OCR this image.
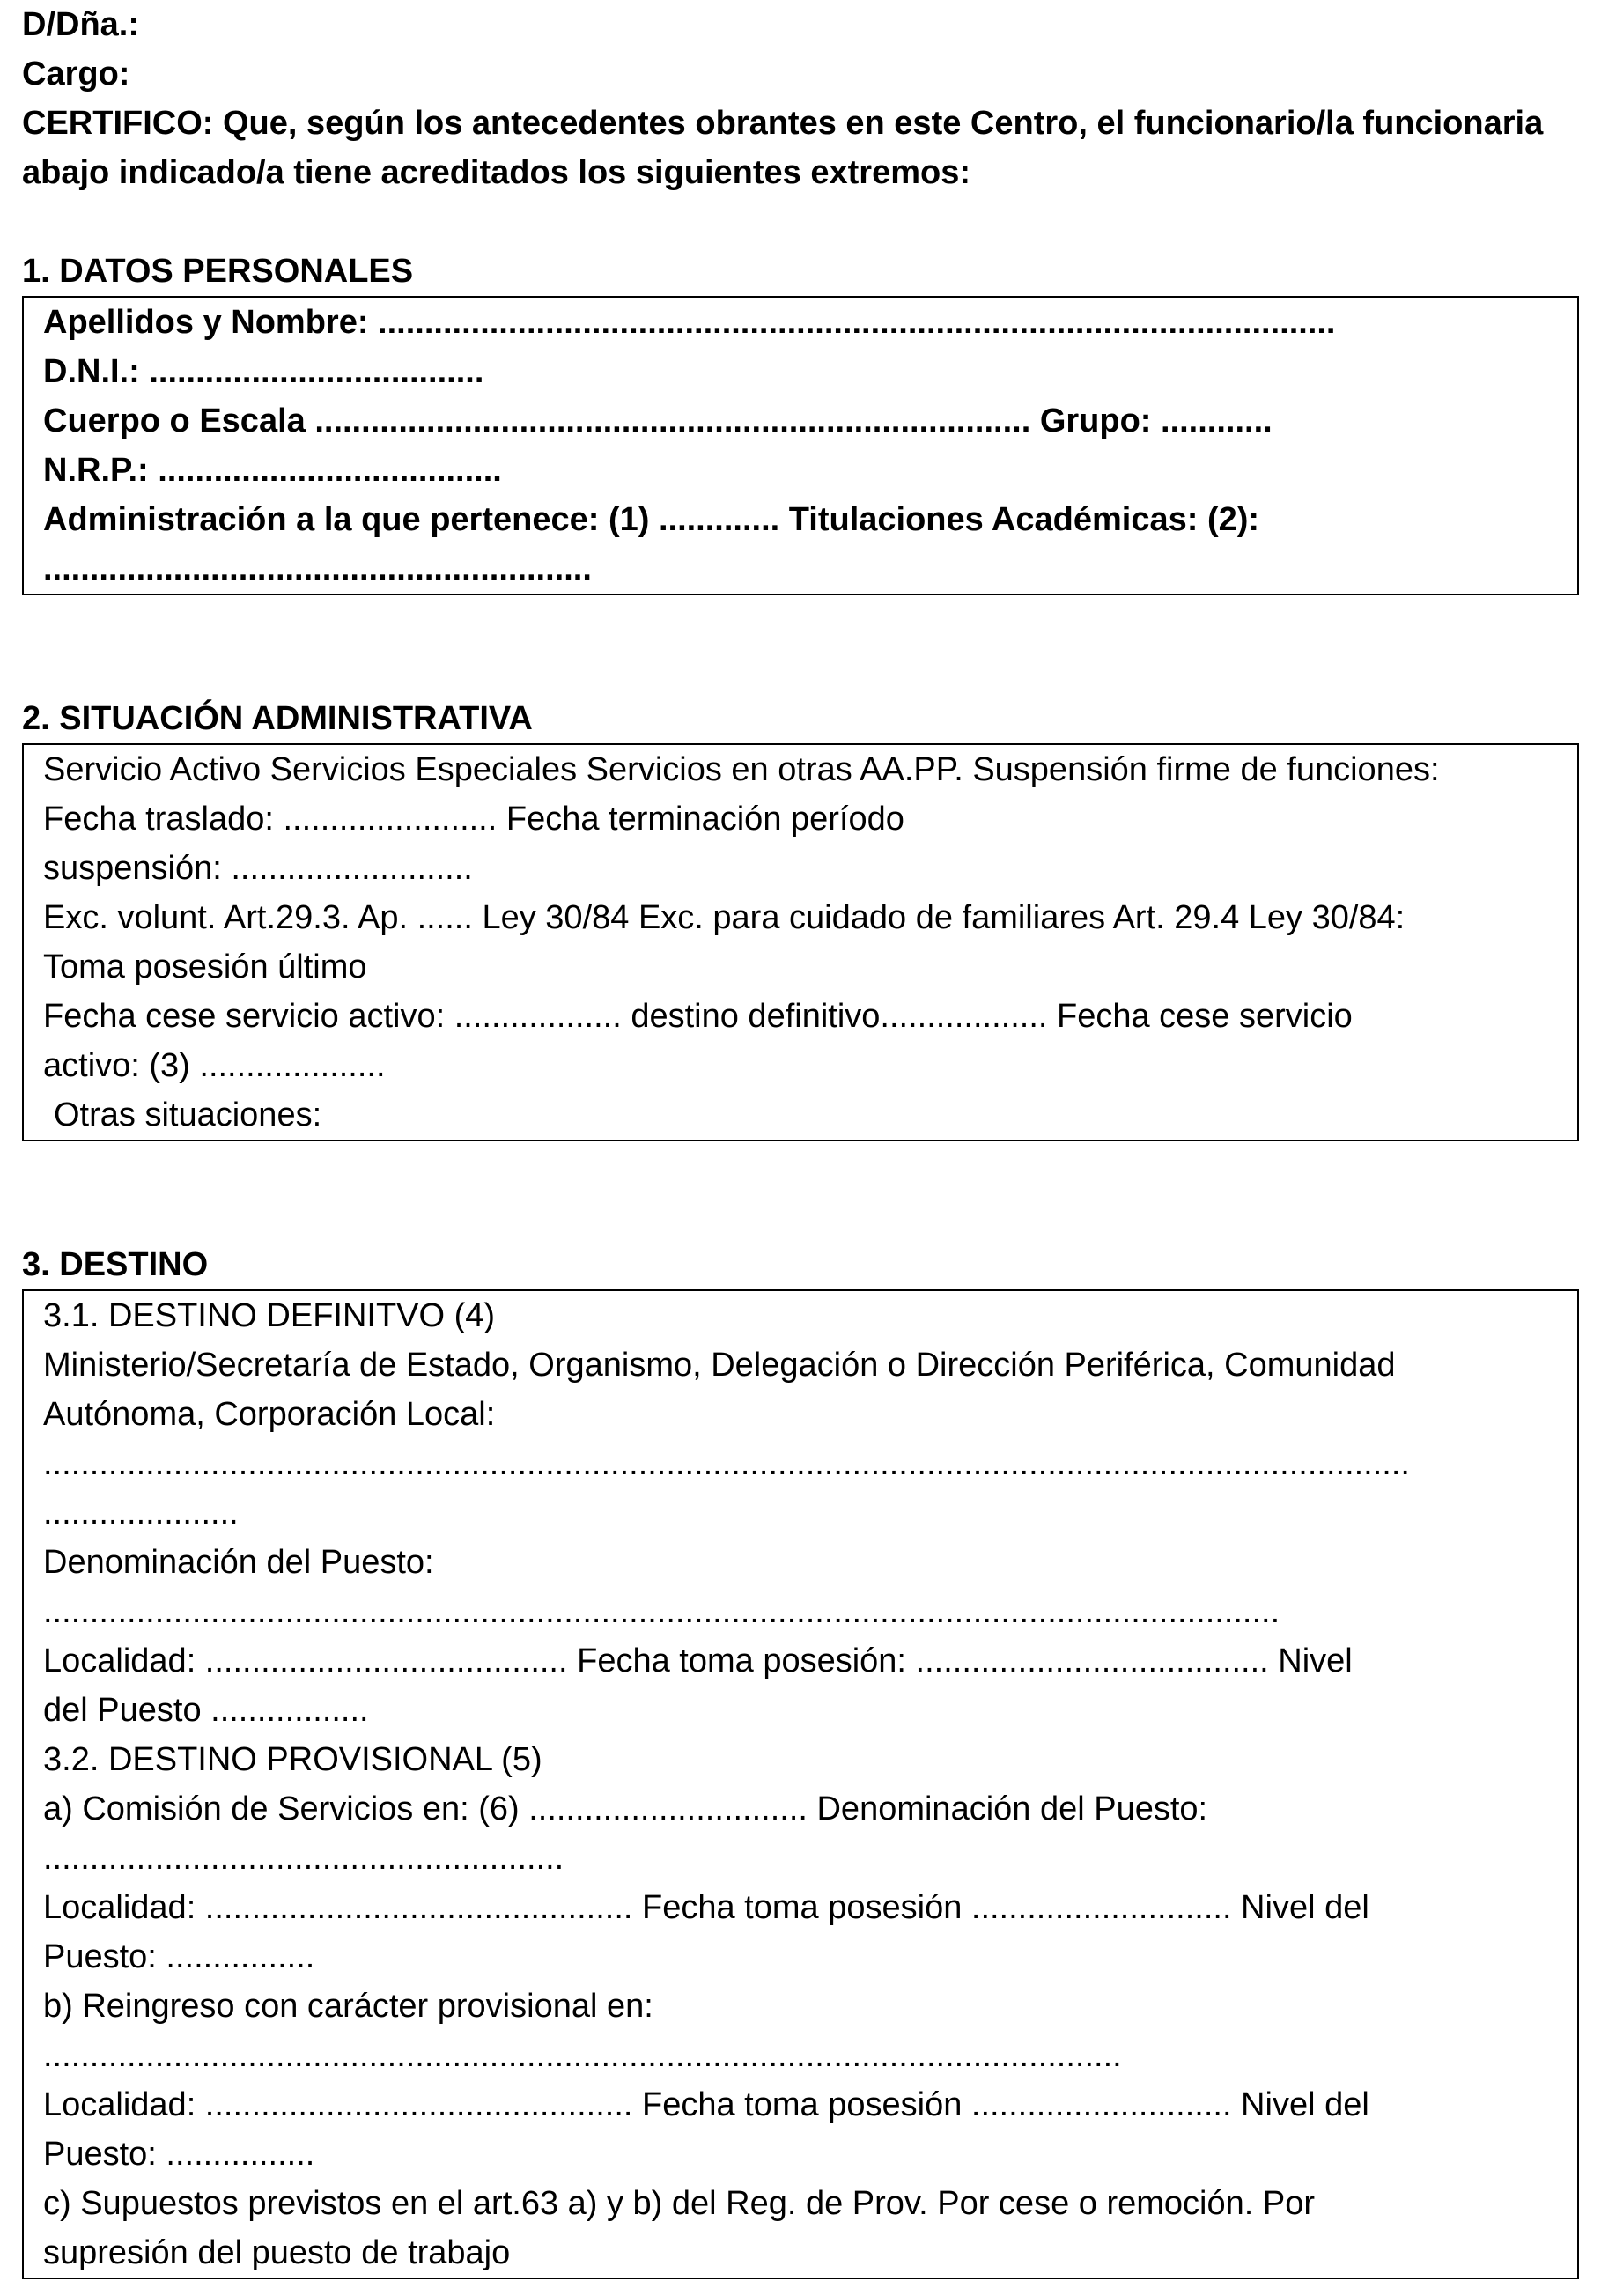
D/Dña.:
Cargo:
CERTIFICO: Que, según los antecedentes obrantes en este Centro, el funcionario/la funcionaria
abajo indicado/a tiene acreditados los siguientes extremos:
1. DATOS PERSONALES
Apellidos y Nombre: .......................................................................................................
D.N.I.: ....................................
Cuerpo o Escala ............................................................................. Grupo: ............
N.R.P.: .....................................
Administración a la que pertenece: (1) ............. Titulaciones Académicas: (2):
...........................................................
2. SITUACIÓN ADMINISTRATIVA
Servicio Activo Servicios Especiales Servicios en otras AA.PP. Suspensión firme de funciones:
Fecha traslado: ....................... Fecha terminación período
suspensión: ..........................
Exc. volunt. Art.29.3. Ap. ...... Ley 30/84 Exc. para cuidado de familiares Art. 29.4 Ley 30/84:
Toma posesión último
Fecha cese servicio activo: .................. destino definitivo.................. Fecha cese servicio
activo: (3) ....................
Otras situaciones:
3. DESTINO
3.1. DESTINO DEFINITVO (4)
Ministerio/Secretaría de Estado, Organismo, Delegación o Dirección Periférica, Comunidad
Autónoma, Corporación Local:
...................................................................................................................................................
.....................
Denominación del Puesto:
.....................................................................................................................................
Localidad: ....................................... Fecha toma posesión: ...................................... Nivel
del Puesto .................
3.2. DESTINO PROVISIONAL (5)
a) Comisión de Servicios en: (6) .............................. Denominación del Puesto:
........................................................
Localidad: .............................................. Fecha toma posesión ............................ Nivel del
Puesto: ................
b) Reingreso con carácter provisional en:
....................................................................................................................
Localidad: .............................................. Fecha toma posesión ............................ Nivel del
Puesto: ................
c) Supuestos previstos en el art.63 a) y b) del Reg. de Prov. Por cese o remoción. Por
supresión del puesto de trabajo
